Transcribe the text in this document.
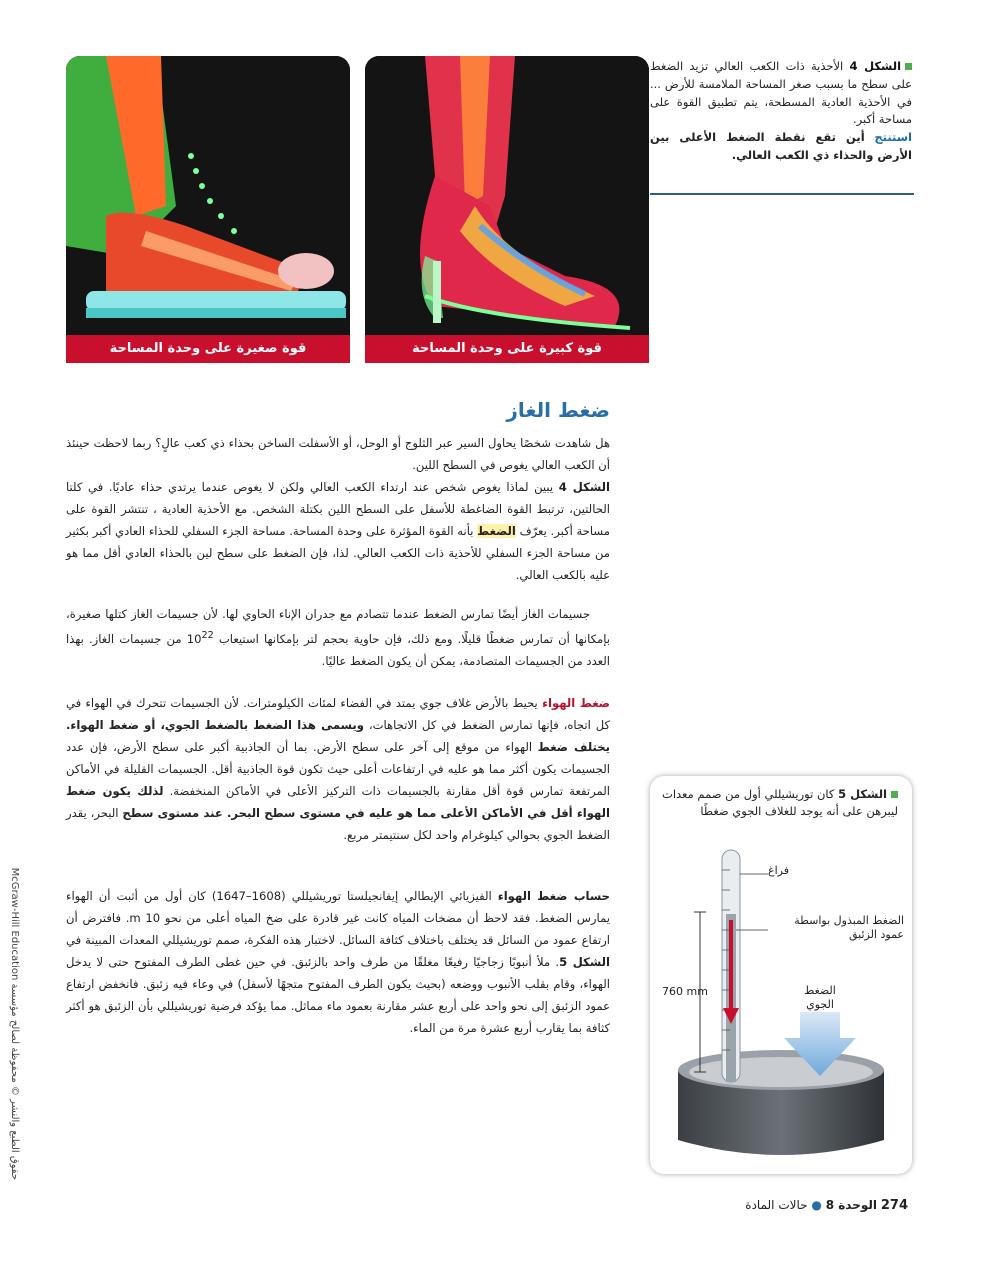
الشكل 4 الأحذية ذات الكعب العالي تزيد الضغط على سطح ما بسبب صغر المساحة الملامسة للأرض ... في الأحذية العادية المسطحة، يتم تطبيق القوة على مساحة أكبر.
استنتج أين تقع نقطة الضغط الأعلى بين الأرض والحذاء ذي الكعب العالي.
قوة كبيرة على وحدة المساحة
قوة صغيرة على وحدة المساحة
ضغط الغاز

هل شاهدت شخصًا يحاول السير عبر الثلوج أو الوحل، أو الأسفلت الساخن بحذاء ذي كعب عالٍ؟ ربما لاحظت حينئذ أن الكعب العالي يغوص في السطح اللين.

الشكل 4 يبين لماذا يغوص شخص عند ارتداء الكعب العالي ولكن لا يغوص عندما يرتدي حذاء عاديًا. في كلتا الحالتين، ترتبط القوة الضاغطة للأسفل على السطح اللين بكتلة الشخص. مع الأحذية العادية ، تنتشر القوة على مساحة أكبر. يعرّف الضغط بأنه القوة المؤثرة على وحدة المساحة. مساحة الجزء السفلي للحذاء العادي أكبر بكثير من مساحة الجزء السفلي للأحذية ذات الكعب العالي. لذا، فإن الضغط على سطح لين بالحذاء العادي أقل مما هو عليه بالكعب العالي.

جسيمات الغاز أيضًا تمارس الضغط عندما تتصادم مع جدران الإناء الحاوي لها. لأن جسيمات الغاز كتلها صغيرة، بإمكانها أن تمارس ضغطًا قليلًا. ومع ذلك، فإن حاوية بحجم لتر بإمكانها استيعاب $10^{22}$ من جسيمات الغاز. بهذا العدد من الجسيمات المتصادمة، يمكن أن يكون الضغط عاليًا.

ضغط الهواء يحيط بالأرض غلاف جوي يمتد في الفضاء لمئات الكيلومترات. لأن الجسيمات تتحرك في الهواء في كل اتجاه، فإنها تمارس الضغط في كل الاتجاهات، ويسمى هذا الضغط بالضغط الجوي، أو ضغط الهواء. يختلف ضغط الهواء من موقع إلى آخر على سطح الأرض. بما أن الجاذبية أكبر على سطح الأرض، فإن عدد الجسيمات يكون أكثر مما هو عليه في ارتفاعات أعلى حيث تكون قوة الجاذبية أقل. الجسيمات القليلة في الأماكن المرتفعة تمارس قوة أقل مقارنة بالجسيمات ذات التركيز الأعلى في الأماكن المنخفضة. لذلك يكون ضغط الهواء أقل في الأماكن الأعلى مما هو عليه في مستوى سطح البحر. عند مستوى سطح البحر، يقدر الضغط الجوي بحوالي كيلوغرام واحد لكل سنتيمتر مربع.

حساب ضغط الهواء الفيزيائي الإيطالي إيفانجيلستا توريشيللي (1608–1647) كان أول من أثبت أن الهواء يمارس الضغط. فقد لاحظ أن مضخات المياه كانت غير قادرة على ضخ المياه أعلى من نحو 10 m. فافترض أن ارتفاع عمود من السائل قد يختلف باختلاف كثافة السائل. لاختبار هذه الفكرة، صمم توريشيللي المعدات المبينة في الشكل 5. ملأ أنبوبًا زجاجيًا رفيعًا مغلقًا من طرف واحد بالزئبق. في حين غطى الطرف المفتوح حتى لا يدخل الهواء، وقام بقلب الأنبوب ووضعه (بحيث يكون الطرف المفتوح متجهًا لأسفل) في وعاء فيه زئبق. فانخفض ارتفاع عمود الزئبق إلى نحو واحد على أربع عشر مقارنة بعمود ماء مماثل. مما يؤكد فرضية توريشيللي بأن الزئبق هو أكثر كثافة بما يقارب أربع عشرة مرة من الماء.

الشكل 5 كان توريشيللي أول من صمم معدات ليبرهن على أنه يوجد للغلاف الجوي ضغطًا
فراغ
الضغط المبذول بواسطة عمود الزئبق
الضغط الجوي
760 mm
حقوق الطبع والنشر © محفوظة لصالح مؤسسة McGraw-Hill Education
274 الوحدة 8 ● حالات المادة
